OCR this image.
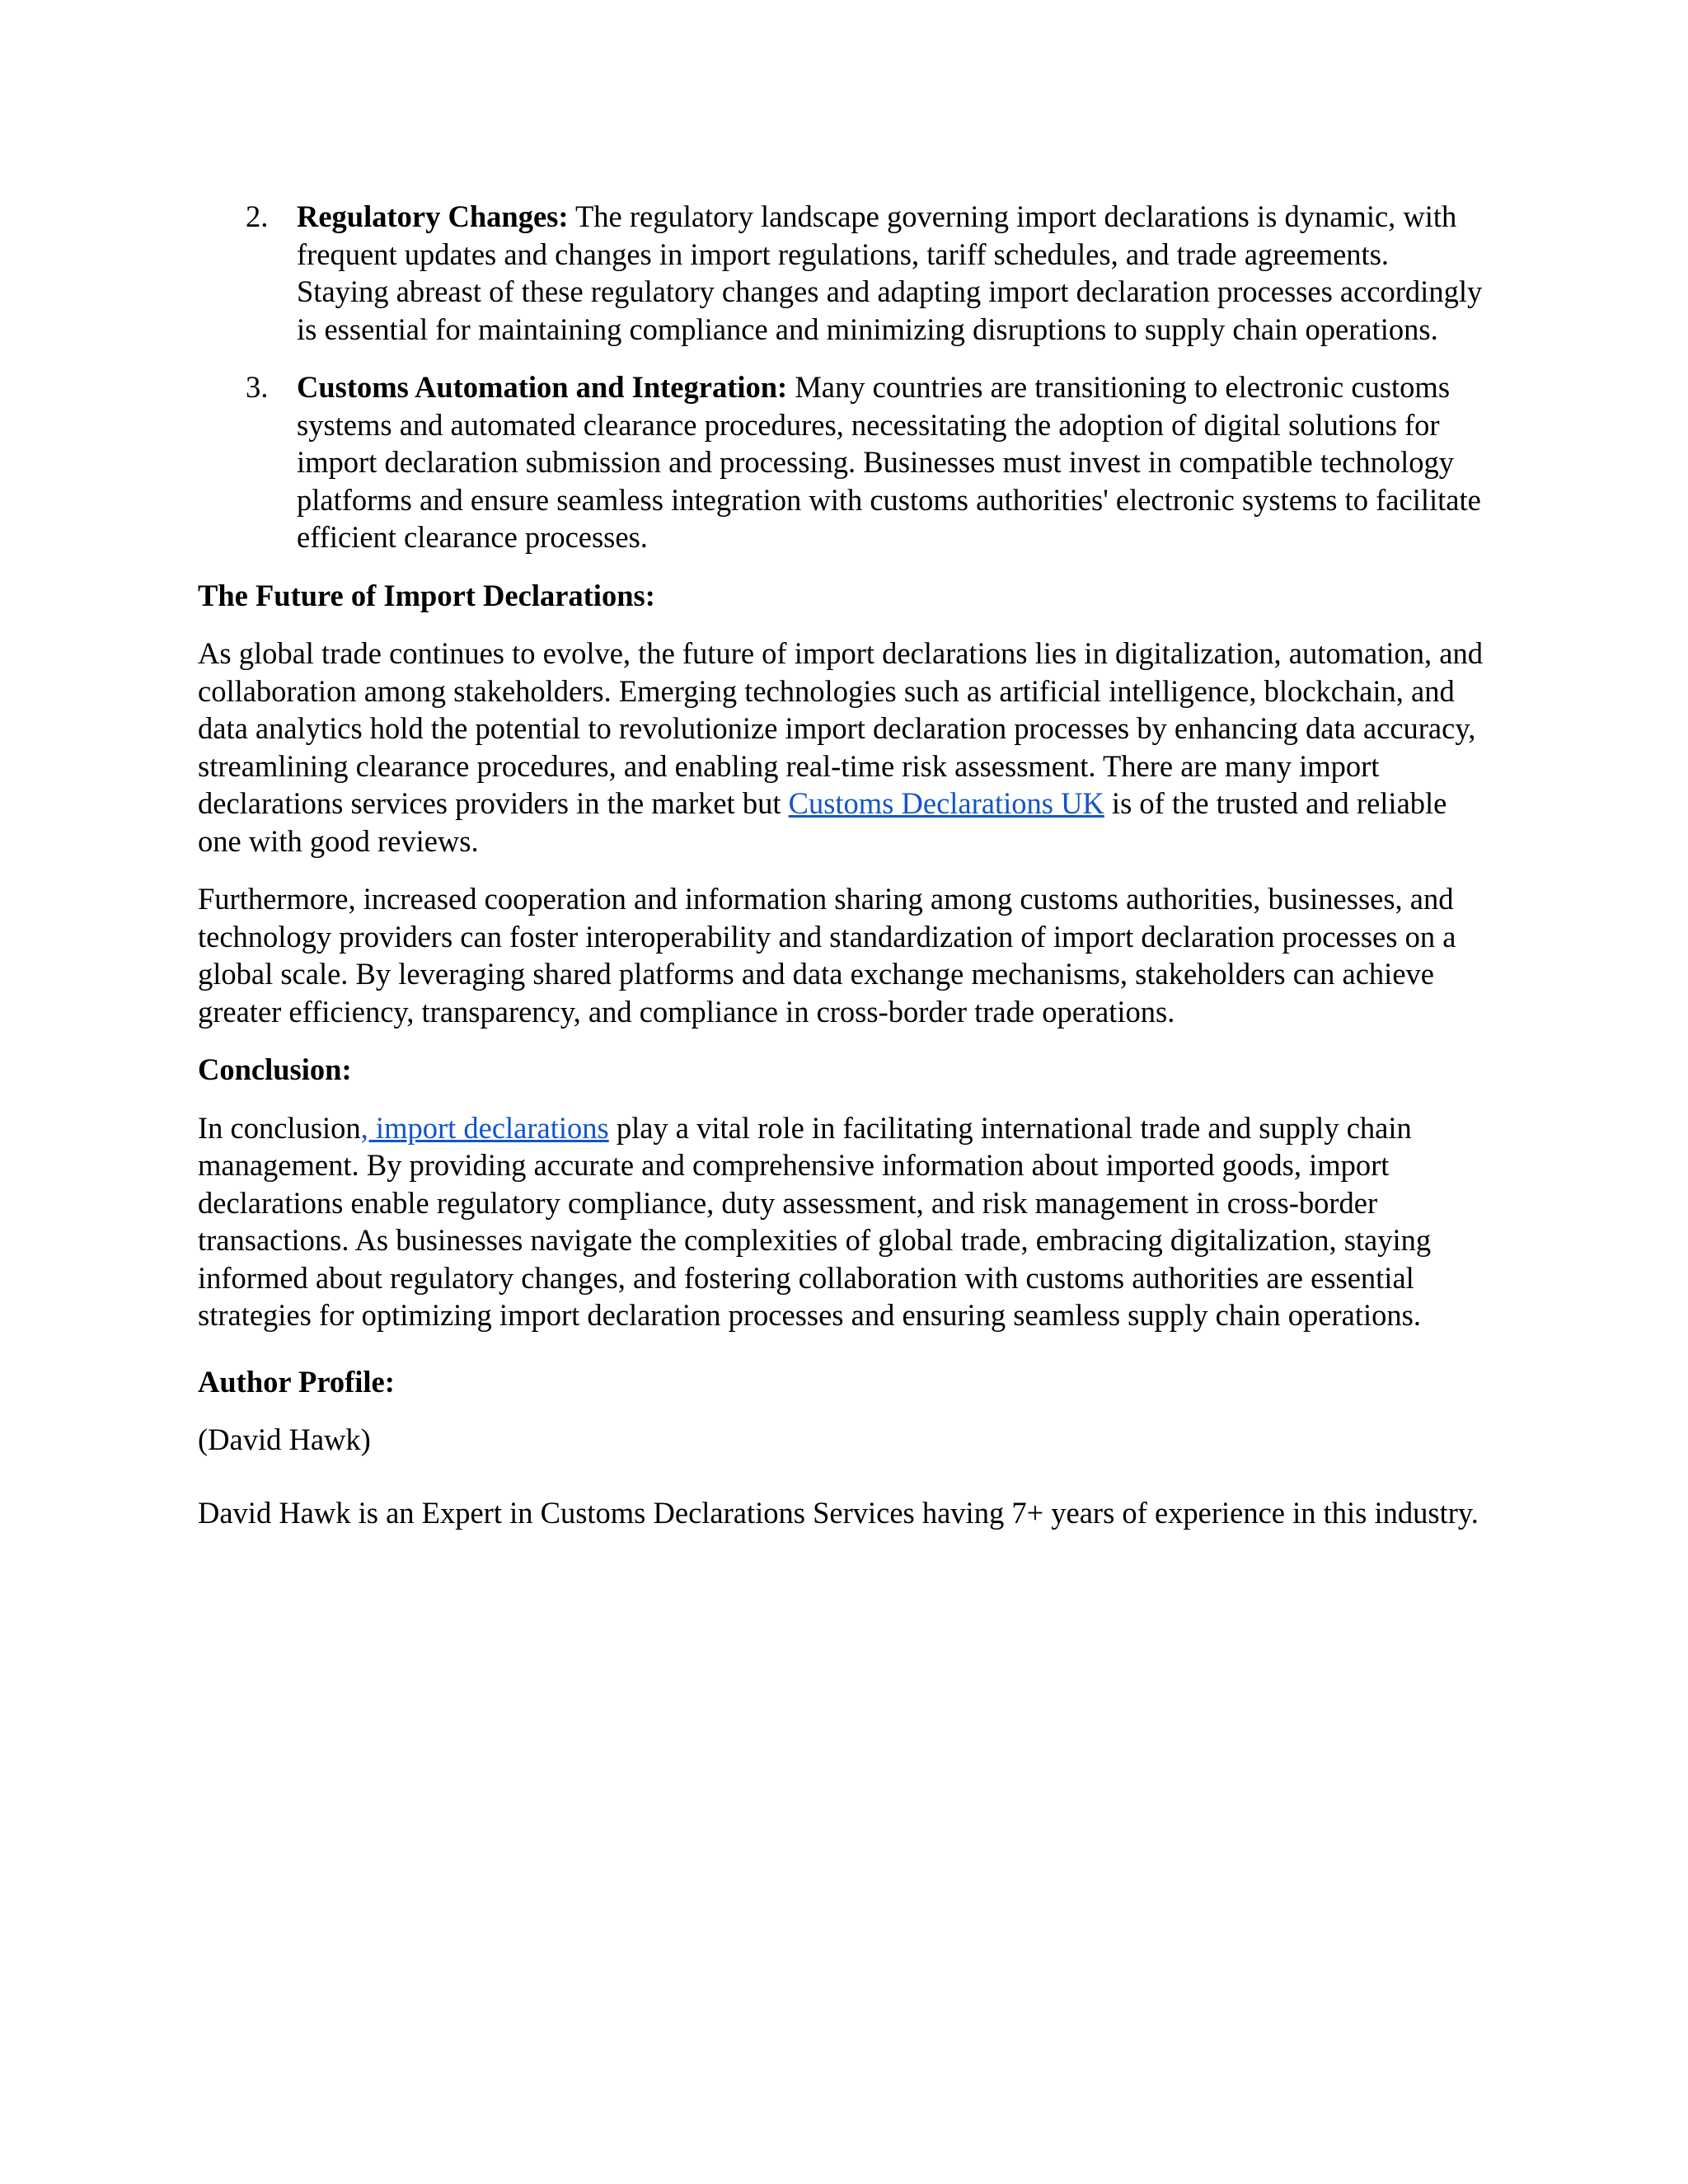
2. Regulatory Changes: The regulatory landscape governing import declarations is dynamic, with frequent updates and changes in import regulations, tariff schedules, and trade agreements. Staying abreast of these regulatory changes and adapting import declaration processes accordingly is essential for maintaining compliance and minimizing disruptions to supply chain operations.
3. Customs Automation and Integration: Many countries are transitioning to electronic customs systems and automated clearance procedures, necessitating the adoption of digital solutions for import declaration submission and processing. Businesses must invest in compatible technology platforms and ensure seamless integration with customs authorities' electronic systems to facilitate efficient clearance processes.
The Future of Import Declarations:

As global trade continues to evolve, the future of import declarations lies in digitalization, automation, and collaboration among stakeholders. Emerging technologies such as artificial intelligence, blockchain, and data analytics hold the potential to revolutionize import declaration processes by enhancing data accuracy, streamlining clearance procedures, and enabling real-time risk assessment. There are many import declarations services providers in the market but Customs Declarations UK is of the trusted and reliable one with good reviews.

Furthermore, increased cooperation and information sharing among customs authorities, businesses, and technology providers can foster interoperability and standardization of import declaration processes on a global scale. By leveraging shared platforms and data exchange mechanisms, stakeholders can achieve greater efficiency, transparency, and compliance in cross-border trade operations.

Conclusion:

In conclusion, import declarations play a vital role in facilitating international trade and supply chain management. By providing accurate and comprehensive information about imported goods, import declarations enable regulatory compliance, duty assessment, and risk management in cross-border transactions. As businesses navigate the complexities of global trade, embracing digitalization, staying informed about regulatory changes, and fostering collaboration with customs authorities are essential strategies for optimizing import declaration processes and ensuring seamless supply chain operations.

Author Profile:

(David Hawk)

David Hawk is an Expert in Customs Declarations Services having 7+ years of experience in this industry.
